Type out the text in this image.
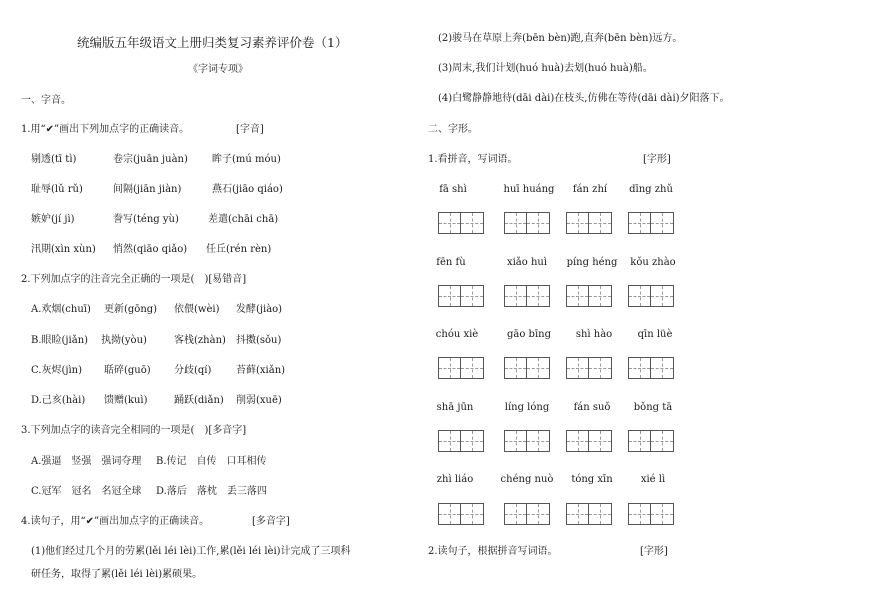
统编版五年级语文上册归类复习素养评价卷（1）
《字词专项》
一、字音。
1.用“✔”画出下列加点字的正确读音。	[字音]
剔透(tī tì)	卷宗(juān juàn) 眸子(mú móu)
耻辱(lǔ rǔ)	间隔(jiān jiàn)	燕石(jiāo qiáo)
嫉妒(jí jì)	誊写(téng yù)	差遣(chāi chā)
汛期(xìn xùn) 悄然(qiāo qiǎo) 任丘(rén rèn)
2.下列加点字的注音完全正确的一项是(　)[易错音]
A.欢烟(chuī) 更新(gōng) 依偎(wèi) 发酵(jiào)
B.眼睑(jiǎn) 执拗(yòu)	客栈(zhàn) 抖擞(sǒu)
C.灰烬(jìn) 聒碎(guō) 分歧(qí) 苔藓(xiǎn)
D.己亥(hài) 馈赠(kuì)	踊跃(diǎn) 削弱(xuē)
3.下列加点字的读音完全相同的一项是(　)[多音字]
A.强逼　竖强　强词夺理 B.传记　自传　口耳相传
C.冠军　冠名　名冠全球 D.落后　落枕　丢三落四
4.读句子，用“✔”画出加点字的正确读音。	[多音字]
(1)他们经过几个月的劳累(lěi léi lèi)工作,累(lěi léi lèi)计完成了三项科
研任务，取得了累(lěi léi lèi)累硕果。
(2)骏马在草原上奔(bēn bèn)跑,直奔(bēn bèn)远方。
(3)周末,我们计划(huó huà)去划(huó huà)船。
(4)白鹭静静地待(dāi dài)在枝头,仿佛在等待(dāi dài)夕阳落下。
二、字形。
1.看拼音，写词语。	[字形]
fā shì	huī huáng	fán zhí	dīng zhǔ
fēn fù	xiǎo huì	píng héng	kǒu zhào
chóu xiè	gāo bīng	shì hào	qīn lüè
shā jūn	líng lóng	fán suǒ	bǒng tā
zhì liáo	chéng nuò	tóng xīn	xié lì
2.读句子，根据拼音写词语。	[字形]
